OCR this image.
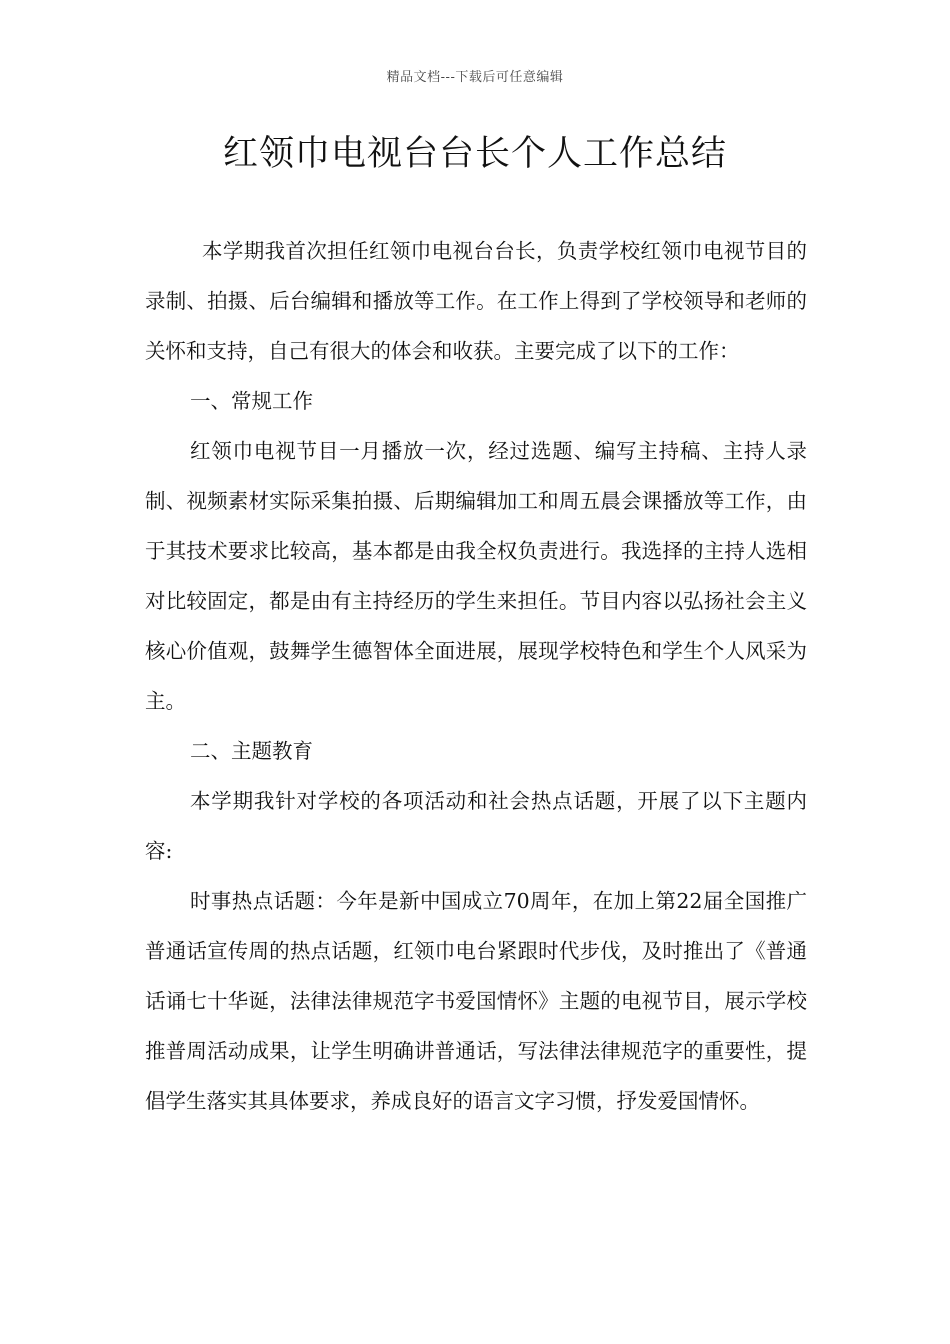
精品文档---下载后可任意编辑
红领巾电视台台长个人工作总结

本学期我首次担任红领巾电视台台长，负责学校红领巾电视节目的录制、拍摄、后台编辑和播放等工作。在工作上得到了学校领导和老师的关怀和支持，自己有很大的体会和收获。主要完成了以下的工作：

一、常规工作

红领巾电视节目一月播放一次，经过选题、编写主持稿、主持人录制、视频素材实际采集拍摄、后期编辑加工和周五晨会课播放等工作，由于其技术要求比较高，基本都是由我全权负责进行。我选择的主持人选相对比较固定，都是由有主持经历的学生来担任。节目内容以弘扬社会主义核心价值观，鼓舞学生德智体全面进展，展现学校特色和学生个人风采为主。

二、主题教育

本学期我针对学校的各项活动和社会热点话题，开展了以下主题内容:

时事热点话题：今年是新中国成立70周年，在加上第22届全国推广普通话宣传周的热点话题，红领巾电台紧跟时代步伐，及时推出了《普通话诵七十华诞，法律法律规范字书爱国情怀》主题的电视节目，展示学校推普周活动成果，让学生明确讲普通话，写法律法律规范字的重要性，提倡学生落实其具体要求，养成良好的语言文字习惯，抒发爱国情怀。
